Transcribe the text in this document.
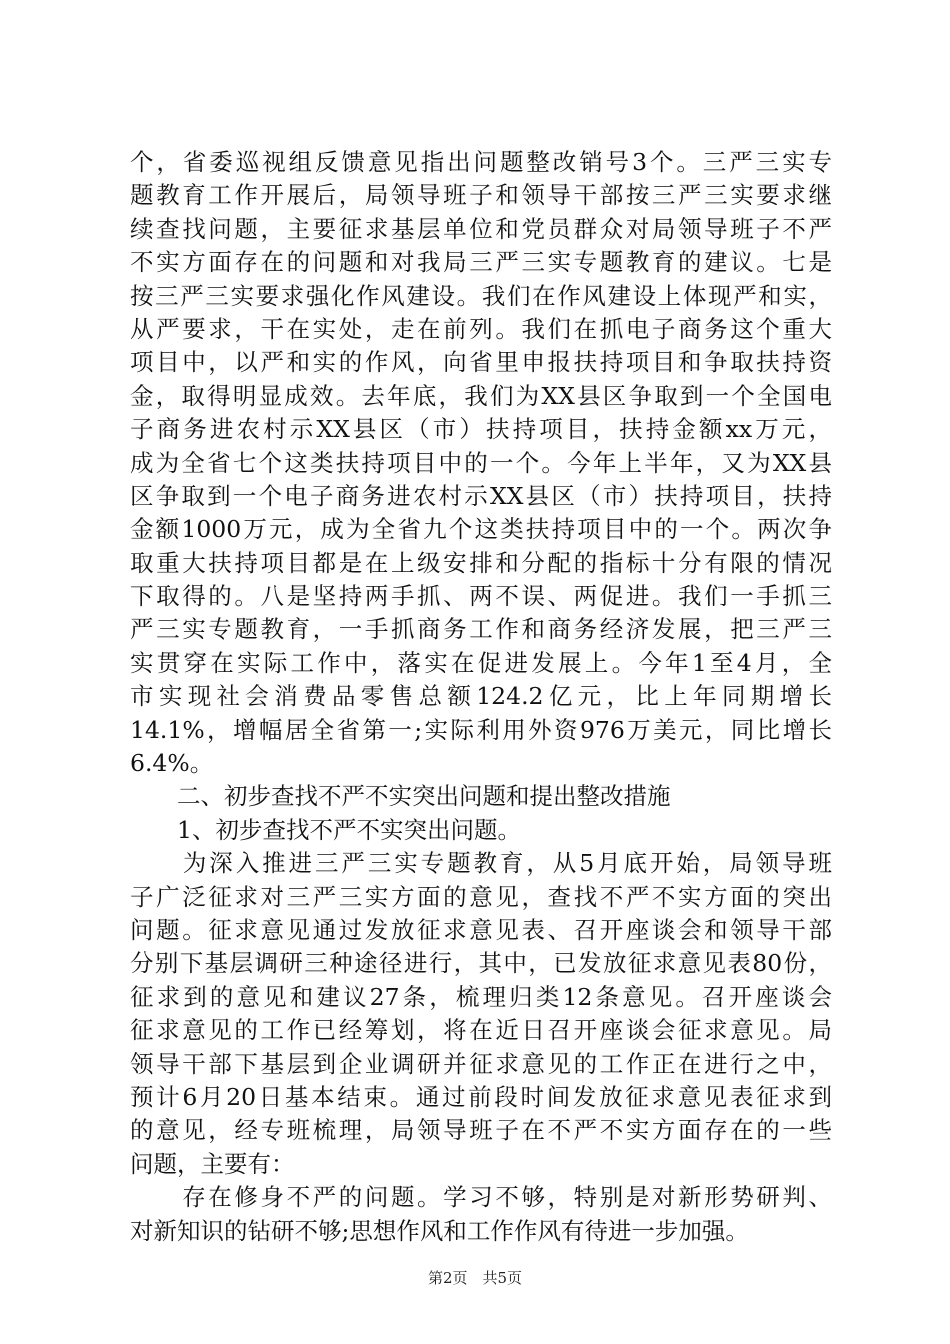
个，省委巡视组反馈意见指出问题整改销号3个。三严三实专
题教育工作开展后，局领导班子和领导干部按三严三实要求继
续查找问题，主要征求基层单位和党员群众对局领导班子不严
不实方面存在的问题和对我局三严三实专题教育的建议。七是
按三严三实要求强化作风建设。我们在作风建设上体现严和实，
从严要求，干在实处，走在前列。我们在抓电子商务这个重大
项目中，以严和实的作风，向省里申报扶持项目和争取扶持资
金，取得明显成效。去年底，我们为XX县区争取到一个全国电
子商务进农村示XX县区（市）扶持项目，扶持金额xx万元，
成为全省七个这类扶持项目中的一个。今年上半年，又为XX县
区争取到一个电子商务进农村示XX县区（市）扶持项目，扶持
金额1000万元，成为全省九个这类扶持项目中的一个。两次争
取重大扶持项目都是在上级安排和分配的指标十分有限的情况
下取得的。八是坚持两手抓、两不误、两促进。我们一手抓三
严三实专题教育，一手抓商务工作和商务经济发展，把三严三
实贯穿在实际工作中，落实在促进发展上。今年1至4月，全
市实现社会消费品零售总额124.2亿元，比上年同期增长
14.1%，增幅居全省第一;实际利用外资976万美元，同比增长
6.4%。
　　二、初步查找不严不实突出问题和提出整改措施
　　1、初步查找不严不实突出问题。
　　为深入推进三严三实专题教育，从5月底开始，局领导班
子广泛征求对三严三实方面的意见，查找不严不实方面的突出
问题。征求意见通过发放征求意见表、召开座谈会和领导干部
分别下基层调研三种途径进行，其中，已发放征求意见表80份，
征求到的意见和建议27条，梳理归类12条意见。召开座谈会
征求意见的工作已经筹划，将在近日召开座谈会征求意见。局
领导干部下基层到企业调研并征求意见的工作正在进行之中，
预计6月20日基本结束。通过前段时间发放征求意见表征求到
的意见，经专班梳理，局领导班子在不严不实方面存在的一些
问题，主要有：
　　存在修身不严的问题。学习不够，特别是对新形势研判、
对新知识的钻研不够;思想作风和工作作风有待进一步加强。
第2页　共5页
